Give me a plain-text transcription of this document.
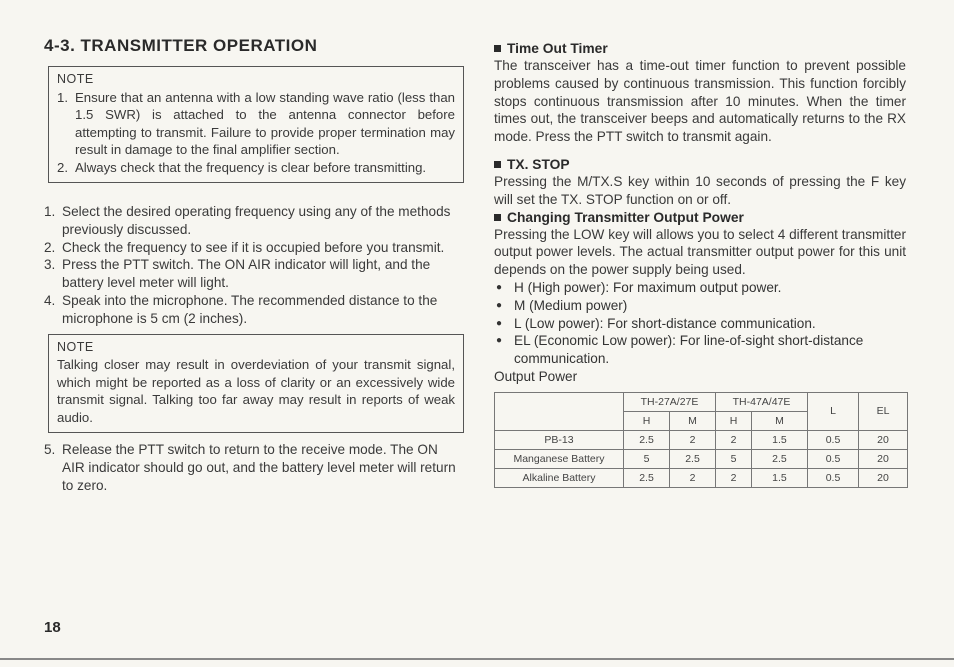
4-3. TRANSMITTER OPERATION
NOTE
1. Ensure that an antenna with a low standing wave ratio (less than 1.5 SWR) is attached to the antenna connector before attempting to transmit. Failure to provide proper termination may result in damage to the final amplifier section.
2. Always check that the frequency is clear before transmitting.
1. Select the desired operating frequency using any of the methods previously discussed.
2. Check the frequency to see if it is occupied before you transmit.
3. Press the PTT switch. The ON AIR indicator will light, and the battery level meter will light.
4. Speak into the microphone. The recommended distance to the microphone is 5 cm (2 inches).
NOTE
Talking closer may result in overdeviation of your transmit signal, which might be reported as a loss of clarity or an excessively wide transmit signal. Talking too far away may result in reports of weak audio.
5. Release the PTT switch to return to the receive mode. The ON AIR indicator should go out, and the battery level meter will return to zero.
Time Out Timer
The transceiver has a time-out timer function to prevent possible problems caused by continuous transmission. This function forcibly stops continuous transmission after 10 minutes. When the timer times out, the transceiver beeps and automatically returns to the RX mode. Press the PTT switch to transmit again.
TX. STOP
Pressing the M/TX.S key within 10 seconds of pressing the F key will set the TX. STOP function on or off.
Changing Transmitter Output Power
Pressing the LOW key will allows you to select 4 different transmitter output power levels. The actual transmitter output power for this unit depends on the power supply being used.
● H (High power): For maximum output power.
● M (Medium power)
● L (Low power): For short-distance communication.
● EL (Economic Low power): For line-of-sight short-distance communication.
Output Power
	TH-27A/27E		TH-47A/47E		L	EL
	H	M	H	M		
PB-13	2.5	2	2	1.5	0.5	20
Manganese Battery	5	2.5	5	2.5	0.5	20
Alkaline Battery	2.5	2	2	1.5	0.5	20
18
